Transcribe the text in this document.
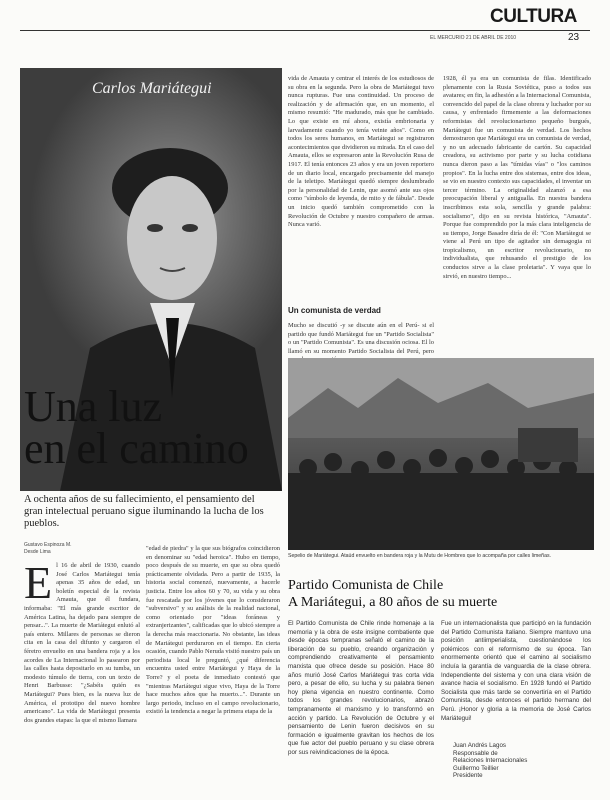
CULTURA
EL MERCURIO 21 DE ABRIL DE 2010	23
Carlos Mariátegui
Una luz
en el camino
A ochenta años de su fallecimiento, el pensamiento del gran intelectual peruano sigue iluminando la lucha de los pueblos.
Gustavo Espinoza M.
Desde Lima
E l 16 de abril de 1930, cuando José Carlos Mariátegui tenía apenas 35 años de edad, un boletín especial de la revista Amauta, que él fundara, informaba: "El más grande escritor de América Latina, ha dejado para siempre de pensar...". La muerte de Mariátegui enlutó al país entero. Millares de personas se dieron cita en la casa del difunto y cargaron el féretro envuelto en una bandera roja y a los acordes de La Internacional lo pasearon por las calles hasta depositarlo en su tumba, un modesto túmulo de tierra, con un texto de Henri Barbusse: "¿Sabéis quién es Mariátegui? Pues bien, es la nueva luz de América, el prototipo del nuevo hombre americano". La vida de Mariátegui presenta dos grandes etapas: la que el mismo llamara
"edad de piedra" y la que sus biógrafos coincidieron en denominar su "edad heroica". Hubo en tiempo, poco después de su muerte, en que su obra quedó prácticamente olvidada. Pero a partir de 1935, la historia social comenzó, nuevamente, a hacerle justicia. Entre los años 60 y 70, su vida y su obra fue rescatada por los jóvenes que lo consideraron "subversivo" y su análisis de la realidad nacional, como orientado por "ideas foráneas y extranjerizantes", calificadas que lo ubicó siempre a la derecha más reaccionaria. No obstante, las ideas de Mariátegui perduraron en el tiempo. En cierta ocasión, cuando Pablo Neruda visitó nuestro país un periodista local le preguntó, ¿qué diferencia encuentra usted entre Mariátegui y Haya de la Torre? y el poeta de inmediato contestó que "mientras Mariátegui sigue vivo, Haya de la Torre hace muchos años que ha muerto...". Durante un largo periodo, incluso en el campo revolucionario, existió la tendencia a negar la primera etapa de la
vida de Amauta y centrar el interés de los estudiosos de su obra en la segunda. Pero la obra de Mariátegui tuvo nunca rupturas. Fue una continuidad. Un proceso de realización y de afirmación que, en un momento, el mismo resumió: "He madurado, más que he cambiado. Lo que existe en mí ahora, existía embrionaria y larvadamente cuando yo tenía veinte años". Como en todos los seres humanos, en Mariátegui se registraron acontecimientos que dividieron su mirada. En el caso del Amauta, ellos se expresaron ante la Revolución Rusa de 1917. El tenía entonces 23 años y era un joven reportero de un diario local, encargado precisamente del manejo de la teletipo. Mariátegui quedó siempre deslumbrado por la personalidad de Lenin, que asomó ante sus ojos como "símbolo de leyenda, de mito y de fábula". Desde un inicio quedó también comprometido con la Revolución de Octubre y nuestro compañero de armas. Nunca varió.
Un comunista de verdad
Mucho se discutió -y se discute aún en el Perú- si el partido que fundó Mariátegui fue un "Partido Socialista" o un "Partido Comunista". Es una discusión ociosa. El lo llamó en su momento Partido Socialista del Perú, pero
1928, él ya era un comunista de filas. Identificado plenamente con la Rusia Soviética, puso a todos sus avatares; en fin, la adhesión a la Internacional Comunista, convencido del papel de la clase obrera y luchador por su causa, y enfrentado firmemente a las deformaciones reformistas del revolucionarismo pequeño burgués, Mariátegui fue un comunista de verdad. Los hechos demostraron que Mariátegui era un comunista de verdad, y no un adecuado fabricante de cartón. Su capacidad creadora, su activismo por parte y su lucha cotidiana nunca dieron paso a las "tímidas vías" o "los caminos propios". En la lucha entre dos sistemas, entre dos ideas, se vio en nuestro contexto sus capacidades, el inventar un tercer término. La originalidad alzanzó a esa preocupación liberal y antigualla. En nuestra bandera inscribimos esta sola, sencilla y grande palabra: socialismo", dijo en su revista histórica, "Amauta". Porque fue comprendido por la más clara inteligencia de su tiempo, Jorge Basadre diría de él: "Con Mariátegui se viene al Perú un tipo de agitador sin demagogia ni tropicalismo, un escritor revolucionario, no individualista, que rehusando el prestigio de los conductos sirve a la clase proletaria". Y vaya que lo sirvió, en nuestro tiempo...
Sepelio de Mariátegui. Ataúd envuelto en bandera roja y la Mutu de Hombres que lo acompaña por calles limeñas.
Partido Comunista de Chile
A Mariátegui, a 80 años de su muerte
El Partido Comunista de Chile rinde homenaje a la memoria y la obra de este insigne combatiente que desde épocas tempranas señaló el camino de la liberación de su pueblo, creando organización y comprendiendo creativamente el pensamiento marxista que ofrece desde su posición. Hace 80 años murió José Carlos Mariátegui tras corta vida pero, a pesar de ello, su lucha y su palabra tienen hoy plena vigencia en nuestro continente. Como todos los grandes revolucionarios, abrazó tempranamente el marxismo y lo transformó en acción y partido. La Revolución de Octubre y el pensamiento de Lenin fueron decisivos en su formación e igualmente gravitan los hechos de los que fue actor del pueblo peruano y su clase obrera por sus reivindicaciones de la época.
Fue un internacionalista que participó en la fundación del Partido Comunista Italiano. Siempre mantuvo una posición antiimperialista, cuestionándose los polémicos con el reformismo de su época. Tan enormemente orientó que el camino al socialismo incluía la garantía de vanguardia de la clase obrera. Independiente del sistema y con una clara visión de avance hacia el socialismo. En 1928 fundó el Partido Socialista que más tarde se convertiría en el Partido Comunista, desde entonces el partido hermano del Perú. ¡Honor y gloria a la memoria de José Carlos Mariátegui!
Juan Andrés Lagos
Responsable de
Relaciones Internacionales
Guillermo Teillier
Presidente
